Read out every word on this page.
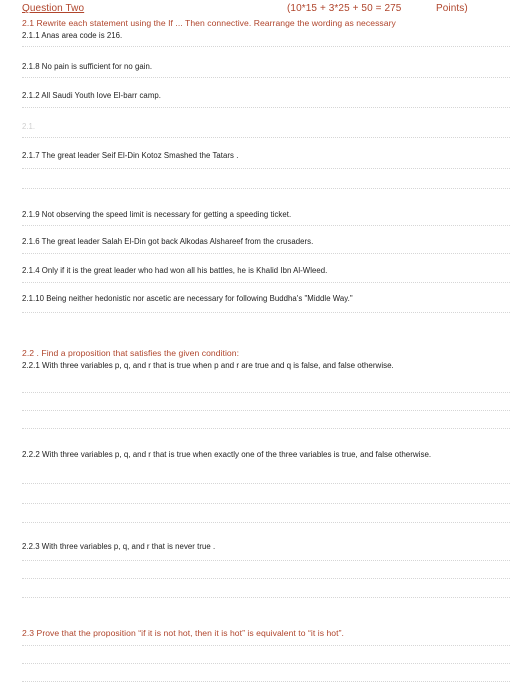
Question Two	(10*15 + 3*25 + 50 = 275            Points)
2.1 Rewrite each statement using the If ... Then connective. Rearrange the wording as necessary
2.1.1 Anas area code is 216.
2.1.8 No pain is sufficient for no gain.
2.1.2 All Saudi Youth love El-barr camp.
2.1.
2.1.7 The great leader Seif El-Din Kotoz Smashed the Tatars .
2.1.9 Not observing the speed limit is necessary for getting a speeding ticket.
2.1.6 The great leader Salah El-Din got back Alkodas Alshareef from the crusaders.
2.1.4 Only if it is the great leader who had won all his battles, he is Khalid Ibn Al-Wleed.
2.1.10 Being neither hedonistic nor ascetic are necessary for following Buddha's "Middle Way."
2.2 . Find a proposition that satisfies the given condition:
2.2.1 With three variables p, q, and r that is true when p and r are true and q is false, and false otherwise.
2.2.2 With three variables p, q, and r that is true when exactly one of the three variables is true, and false otherwise.
2.2.3 With three variables p, q, and r that is never true .
2.3 Prove that the proposition “if it is not hot, then it is hot” is equivalent to “it is hot”.
